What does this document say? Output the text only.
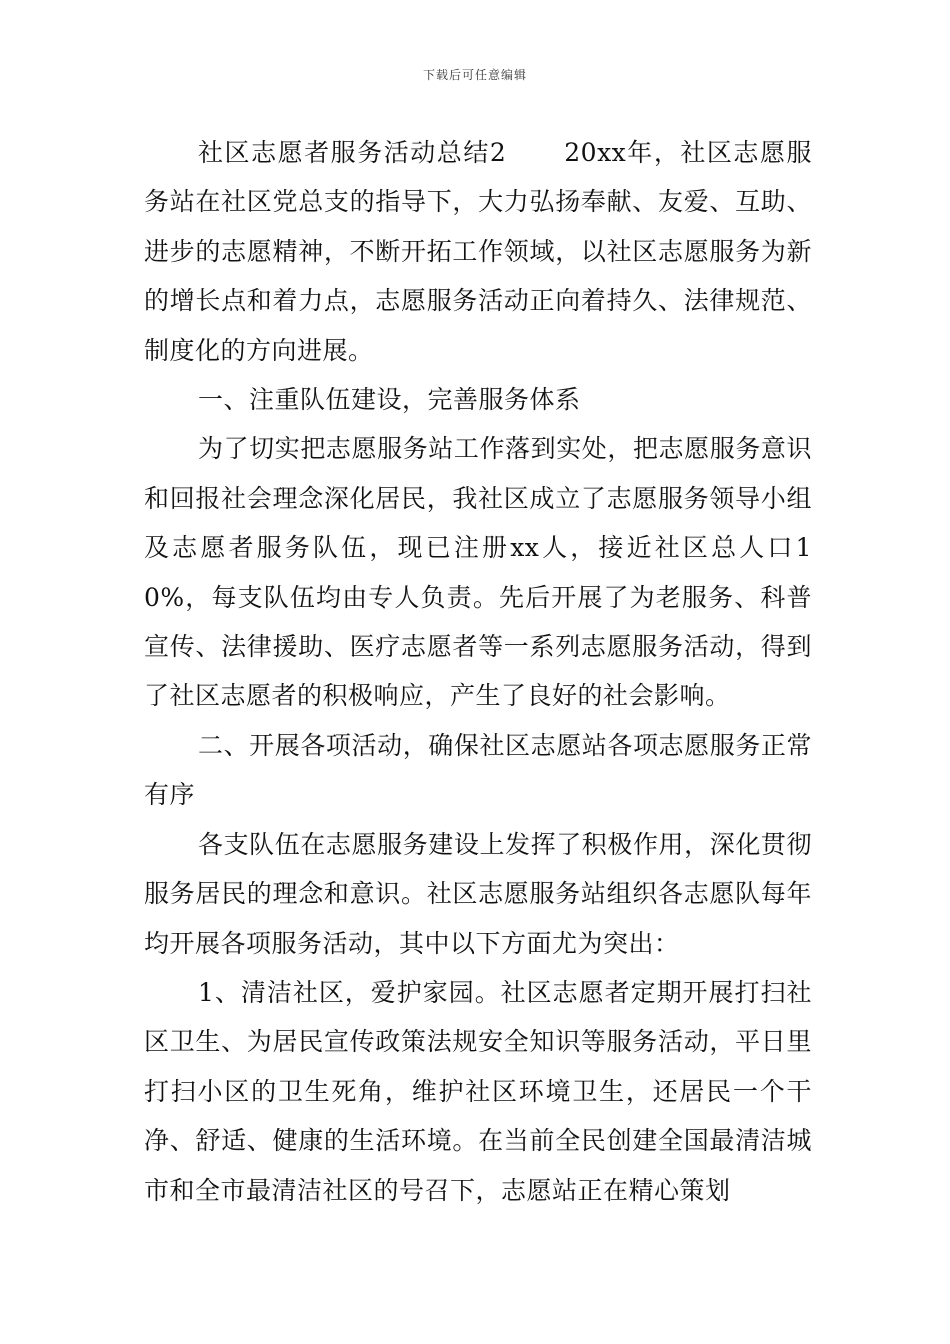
下载后可任意编辑

社区志愿者服务活动总结2 20xx年，社区志愿服务站在社区党总支的指导下，大力弘扬奉献、友爱、互助、进步的志愿精神，不断开拓工作领域，以社区志愿服务为新的增长点和着力点，志愿服务活动正向着持久、法律规范、制度化的方向进展。

一、注重队伍建设，完善服务体系

为了切实把志愿服务站工作落到实处，把志愿服务意识和回报社会理念深化居民，我社区成立了志愿服务领导小组及志愿者服务队伍，现已注册xx人，接近社区总人口10%，每支队伍均由专人负责。先后开展了为老服务、科普宣传、法律援助、医疗志愿者等一系列志愿服务活动，得到了社区志愿者的积极响应，产生了良好的社会影响。

二、开展各项活动，确保社区志愿站各项志愿服务正常有序

各支队伍在志愿服务建设上发挥了积极作用，深化贯彻服务居民的理念和意识。社区志愿服务站组织各志愿队每年均开展各项服务活动，其中以下方面尤为突出：

1、清洁社区，爱护家园。社区志愿者定期开展打扫社区卫生、为居民宣传政策法规安全知识等服务活动，平日里打扫小区的卫生死角，维护社区环境卫生，还居民一个干净、舒适、健康的生活环境。在当前全民创建全国最清洁城市和全市最清洁社区的号召下，志愿站正在精心策划
